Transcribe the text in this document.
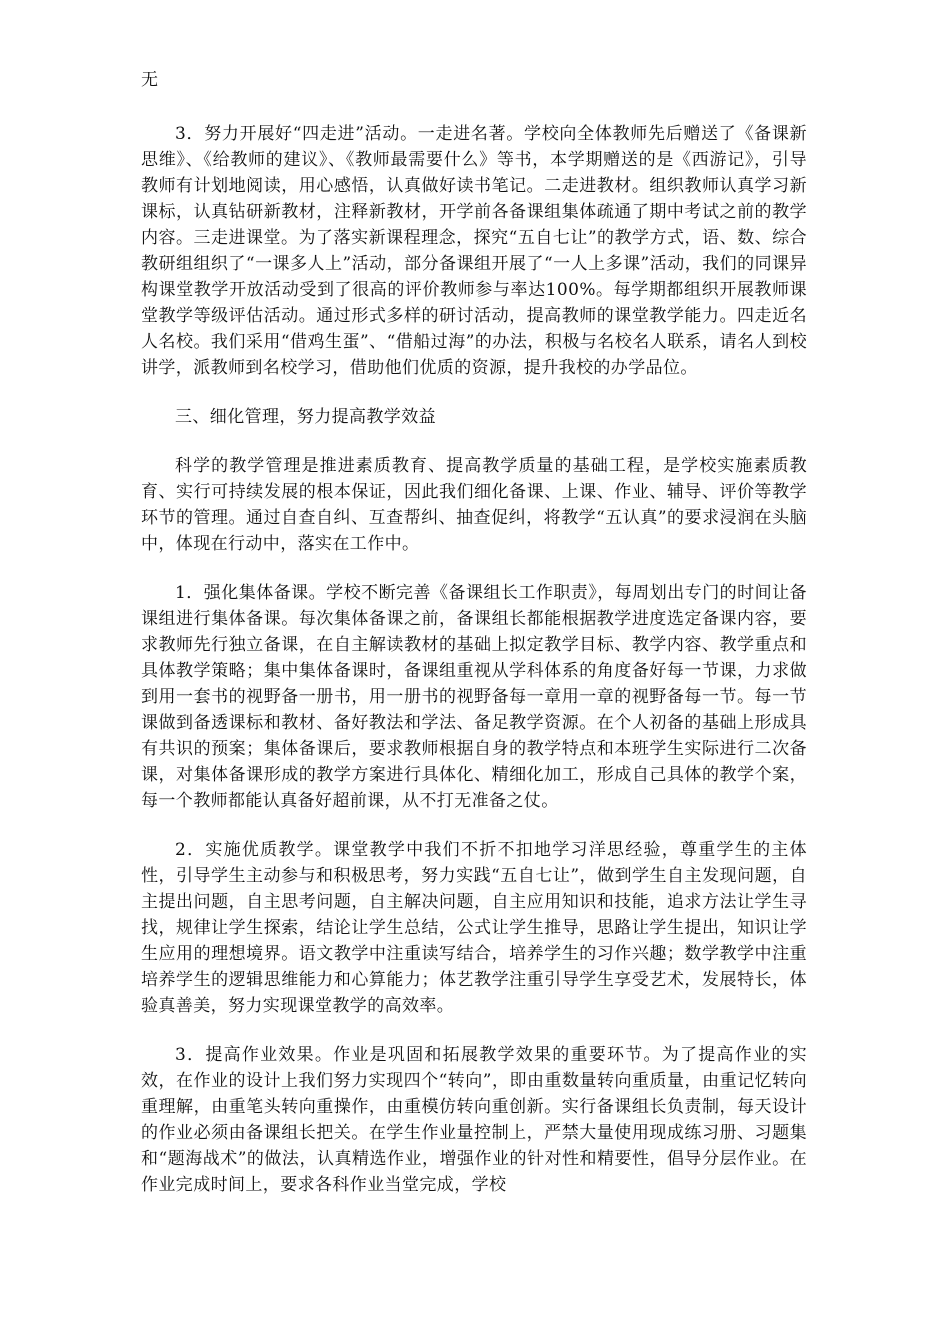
无

3．努力开展好“四走进”活动。一走进名著。学校向全体教师先后赠送了《备课新思维》、《给教师的建议》、《教师最需要什么》等书，本学期赠送的是《西游记》，引导教师有计划地阅读，用心感悟，认真做好读书笔记。二走进教材。组织教师认真学习新课标，认真钻研新教材，注释新教材，开学前各备课组集体疏通了期中考试之前的教学内容。三走进课堂。为了落实新课程理念，探究“五自七让”的教学方式，语、数、综合教研组组织了“一课多人上”活动，部分备课组开展了“一人上多课”活动，我们的同课异构课堂教学开放活动受到了很高的评价教师参与率达100%。每学期都组织开展教师课堂教学等级评估活动。通过形式多样的研讨活动，提高教师的课堂教学能力。四走近名人名校。我们采用“借鸡生蛋”、“借船过海”的办法，积极与名校名人联系，请名人到校讲学，派教师到名校学习，借助他们优质的资源，提升我校的办学品位。

三、细化管理，努力提高教学效益

科学的教学管理是推进素质教育、提高教学质量的基础工程，是学校实施素质教育、实行可持续发展的根本保证，因此我们细化备课、上课、作业、辅导、评价等教学环节的管理。通过自查自纠、互查帮纠、抽查促纠，将教学“五认真”的要求浸润在头脑中，体现在行动中，落实在工作中。

1．强化集体备课。学校不断完善《备课组长工作职责》，每周划出专门的时间让备课组进行集体备课。每次集体备课之前，备课组长都能根据教学进度选定备课内容，要求教师先行独立备课，在自主解读教材的基础上拟定教学目标、教学内容、教学重点和具体教学策略；集中集体备课时，备课组重视从学科体系的角度备好每一节课，力求做到用一套书的视野备一册书，用一册书的视野备每一章用一章的视野备每一节。每一节课做到备透课标和教材、备好教法和学法、备足教学资源。在个人初备的基础上形成具有共识的预案；集体备课后，要求教师根据自身的教学特点和本班学生实际进行二次备课，对集体备课形成的教学方案进行具体化、精细化加工，形成自己具体的教学个案，每一个教师都能认真备好超前课，从不打无准备之仗。

2．实施优质教学。课堂教学中我们不折不扣地学习洋思经验，尊重学生的主体性，引导学生主动参与和积极思考，努力实践“五自七让”，做到学生自主发现问题，自主提出问题，自主思考问题，自主解决问题，自主应用知识和技能，追求方法让学生寻找，规律让学生探索，结论让学生总结，公式让学生推导，思路让学生提出，知识让学生应用的理想境界。语文教学中注重读写结合，培养学生的习作兴趣；数学教学中注重培养学生的逻辑思维能力和心算能力；体艺教学注重引导学生享受艺术，发展特长，体验真善美，努力实现课堂教学的高效率。

3．提高作业效果。作业是巩固和拓展教学效果的重要环节。为了提高作业的实效，在作业的设计上我们努力实现四个“转向”，即由重数量转向重质量，由重记忆转向重理解，由重笔头转向重操作，由重模仿转向重创新。实行备课组长负责制，每天设计的作业必须由备课组长把关。在学生作业量控制上，严禁大量使用现成练习册、习题集和“题海战术”的做法，认真精选作业，增强作业的针对性和精要性，倡导分层作业。在作业完成时间上，要求各科作业当堂完成，学校
